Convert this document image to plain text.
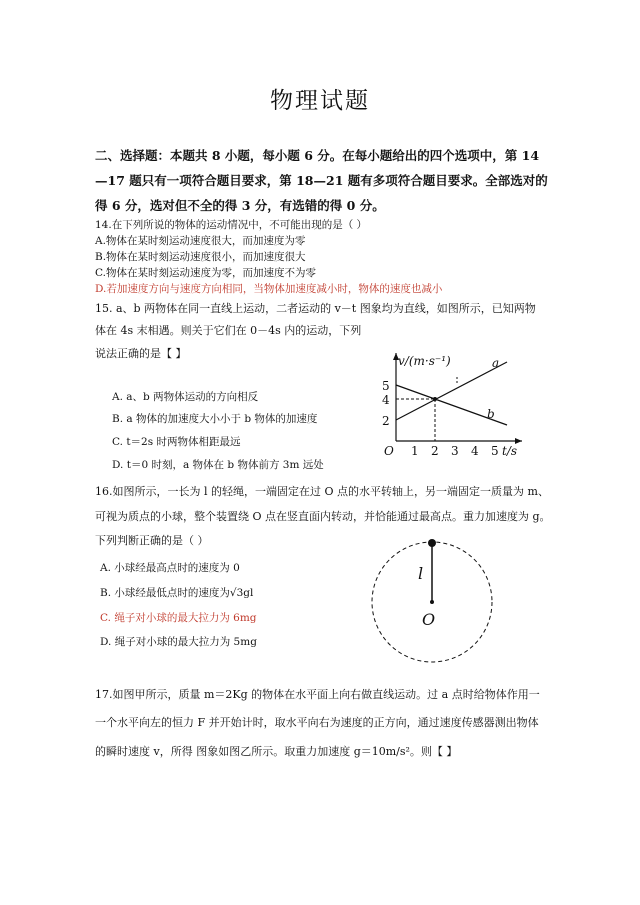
物理试题
二、选择题：本题共 8 小题，每小题 6 分。在每小题给出的四个选项中，第 14
—17 题只有一项符合题目要求，第 18—21 题有多项符合题目要求。全部选对的
得 6 分，选对但不全的得 3 分，有选错的得 0 分。
14.在下列所说的物体的运动情况中，不可能出现的是（ ）
A.物体在某时刻运动速度很大，而加速度为零
B.物体在某时刻运动速度很小，而加速度很大
C.物体在某时刻运动速度为零，而加速度不为零
D.若加速度方向与速度方向相同，当物体加速度减小时，物体的速度也减小
15. a、b 两物体在同一直线上运动，二者运动的 v－t 图象均为直线，如图所示，已知两物
体在 4s 末相遇。则关于它们在 0－4s 内的运动，下列
说法正确的是【 】
A. a、b 两物体运动的方向相反
B. a 物体的加速度大小小于 b 物体的加速度
C. t＝2s 时两物体相距最远
D. t＝0 时刻，a 物体在 b 物体前方 3m 远处
v/(m·s⁻¹)
t/s
O
5
4
2
1 2 3 4 5
a
b
16.如图所示，一长为 l 的轻绳，一端固定在过 O 点的水平转轴上，另一端固定一质量为 m、
可视为质点的小球，整个装置绕 O 点在竖直面内转动，并恰能通过最高点。重力加速度为 g。
下列判断正确的是（ ）
A. 小球经最高点时的速度为 0
B. 小球经最低点时的速度为√3gl
C. 绳子对小球的最大拉力为 6mg
D. 绳子对小球的最大拉力为 5mg
l
O
17.如图甲所示，质量 m＝2Kg 的物体在水平面上向右做直线运动。过 a 点时给物体作用一
一个水平向左的恒力 F 并开始计时，取水平向右为速度的正方向，通过速度传感器测出物体
的瞬时速度 v，所得 图象如图乙所示。取重力加速度 g＝10m/s²。则【 】
